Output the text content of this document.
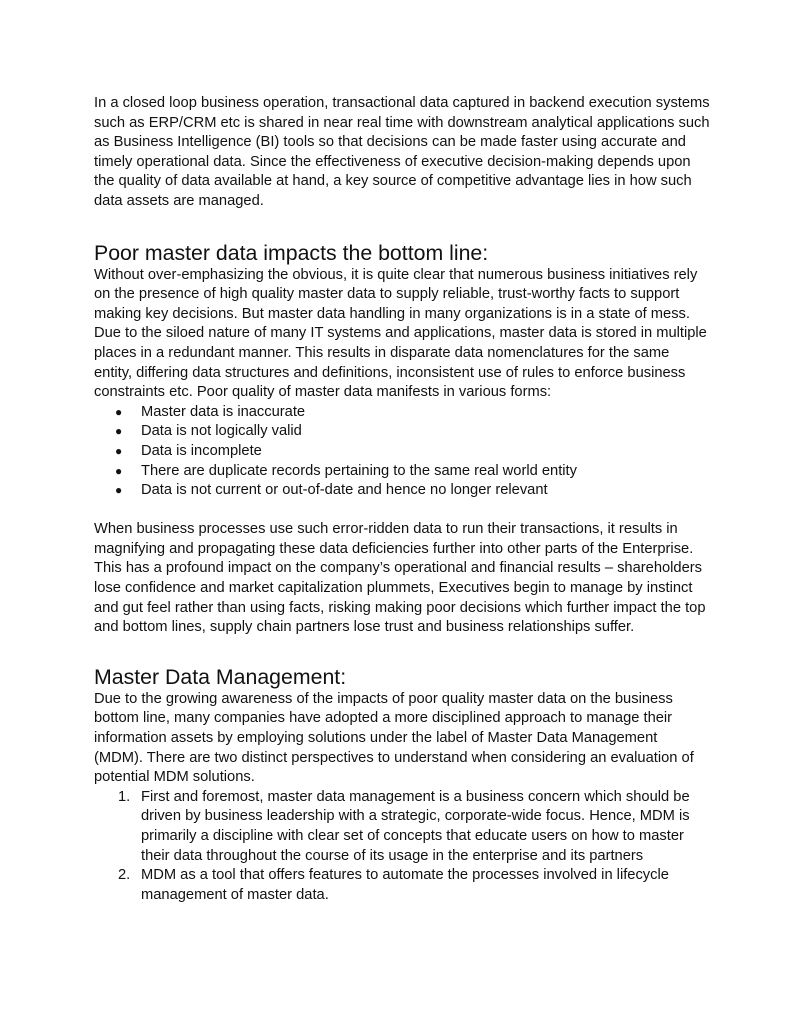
In a closed loop business operation, transactional data captured in backend execution systems such as ERP/CRM etc is shared in near real time with downstream analytical applications such as Business Intelligence (BI) tools so that decisions can be made faster using accurate and timely operational data. Since the effectiveness of executive decision-making depends upon the quality of data available at hand, a key source of competitive advantage lies in how such data assets are managed.

Poor master data impacts the bottom line:

Without over-emphasizing the obvious, it is quite clear that numerous business initiatives rely on the presence of high quality master data to supply reliable, trust-worthy facts to support making key decisions. But master data handling in many organizations is in a state of mess. Due to the siloed nature of many IT systems and applications, master data is stored in multiple places in a redundant manner. This results in disparate data nomenclatures for the same entity, differing data structures and definitions, inconsistent use of rules to enforce business constraints etc. Poor quality of master data manifests in various forms:

● Master data is inaccurate
● Data is not logically valid
● Data is incomplete
● There are duplicate records pertaining to the same real world entity
● Data is not current or out-of-date and hence no longer relevant

When business processes use such error-ridden data to run their transactions, it results in magnifying and propagating these data deficiencies further into other parts of the Enterprise. This has a profound impact on the company’s operational and financial results – shareholders lose confidence and market capitalization plummets, Executives begin to manage by instinct and gut feel rather than using facts, risking making poor decisions which further impact the top and bottom lines, supply chain partners lose trust and business relationships suffer.

Master Data Management:

Due to the growing awareness of the impacts of poor quality master data on the business bottom line, many companies have adopted a more disciplined approach to manage their information assets by employing solutions under the label of Master Data Management (MDM). There are two distinct perspectives to understand when considering an evaluation of potential MDM solutions.

1. First and foremost, master data management is a business concern which should be driven by business leadership with a strategic, corporate-wide focus. Hence, MDM is primarily a discipline with clear set of concepts that educate users on how to master their data throughout the course of its usage in the enterprise and its partners
2. MDM as a tool that offers features to automate the processes involved in lifecycle management of master data.
